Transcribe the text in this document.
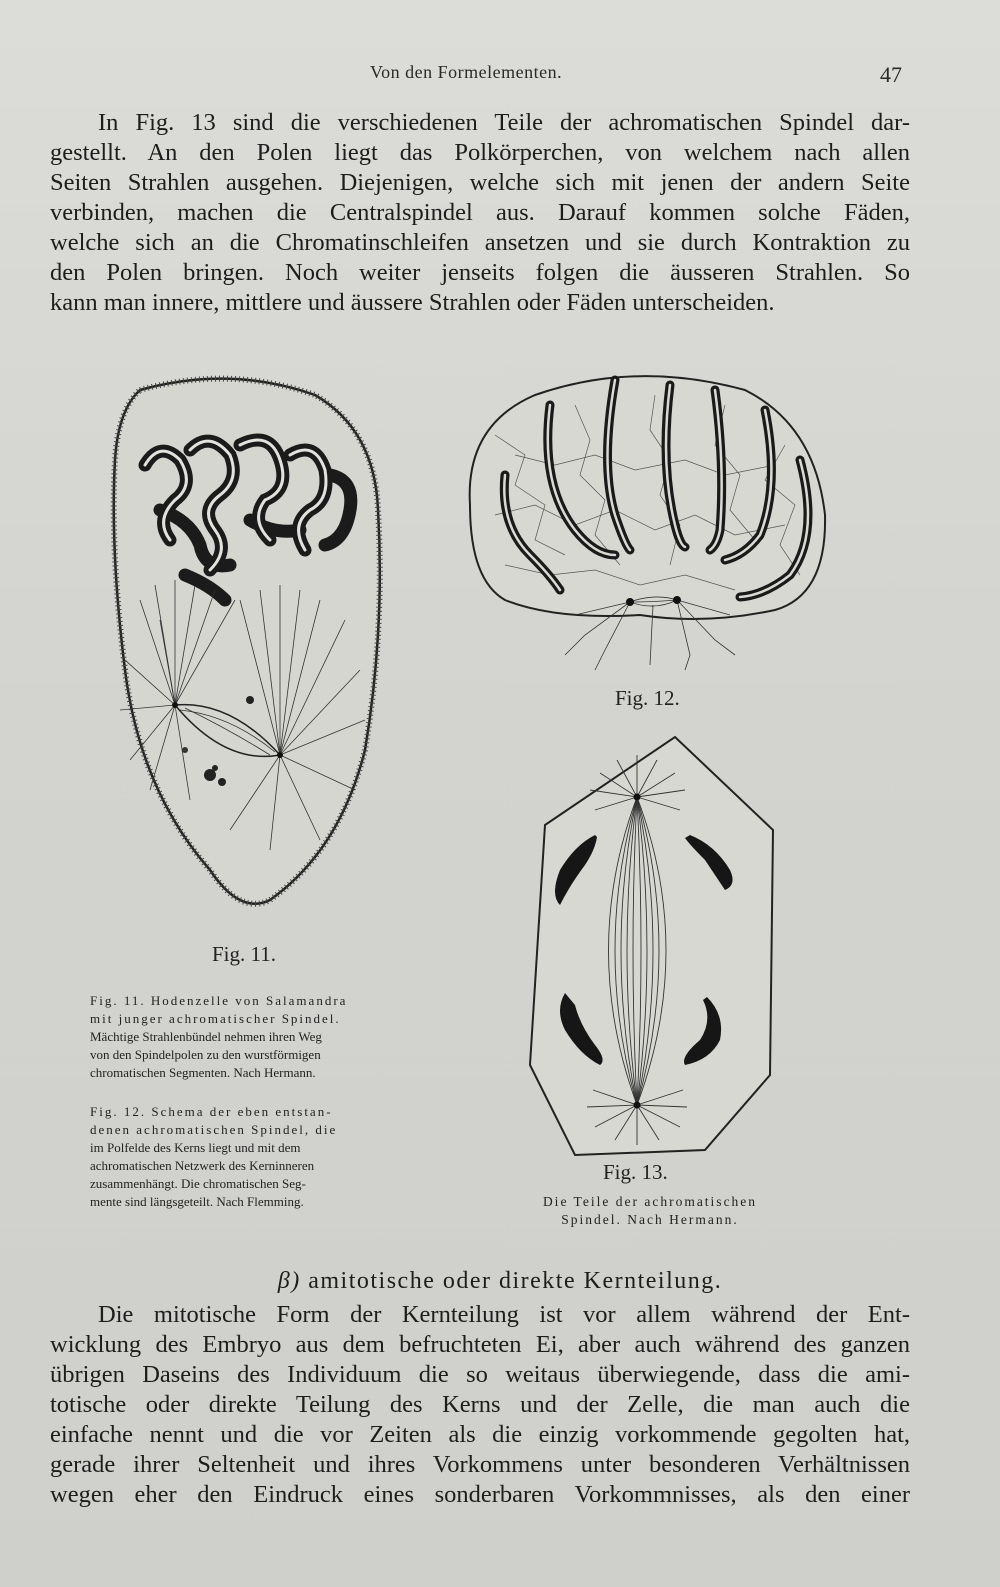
Von den Formelementen.	47
In Fig. 13 sind die verschiedenen Teile der achromatischen Spindel dar-
gestellt. An den Polen liegt das Polkörperchen, von welchem nach allen
Seiten Strahlen ausgehen. Diejenigen, welche sich mit jenen der andern Seite
verbinden, machen die Centralspindel aus. Darauf kommen solche Fäden,
welche sich an die Chromatinschleifen ansetzen und sie durch Kontraktion zu
den Polen bringen. Noch weiter jenseits folgen die äusseren Strahlen. So
kann man innere, mittlere und äussere Strahlen oder Fäden unterscheiden.
Fig. 11.
Fig. 12.
Fig. 13.
Fig. 11. Hodenzelle von Salamandra
mit junger achromatischer Spindel.
Mächtige Strahlenbündel nehmen ihren Weg
von den Spindelpolen zu den wurstförmigen
chromatischen Segmenten. Nach Hermann.
Fig. 12. Schema der eben entstan-
denen achromatischen Spindel, die
im Polfelde des Kerns liegt und mit dem
achromatischen Netzwerk des Kerninneren
zusammenhängt. Die chromatischen Seg-
mente sind längsgeteilt. Nach Flemming.	Die Teile der achromatischen
Spindel. Nach Hermann.
β) amitotische oder direkte Kernteilung.
Die mitotische Form der Kernteilung ist vor allem während der Ent-
wicklung des Embryo aus dem befruchteten Ei, aber auch während des ganzen
übrigen Daseins des Individuum die so weitaus überwiegende, dass die ami-
totische oder direkte Teilung des Kerns und der Zelle, die man auch die
einfache nennt und die vor Zeiten als die einzig vorkommende gegolten hat,
gerade ihrer Seltenheit und ihres Vorkommens unter besonderen Verhältnissen
wegen eher den Eindruck eines sonderbaren Vorkommnisses, als den einer
